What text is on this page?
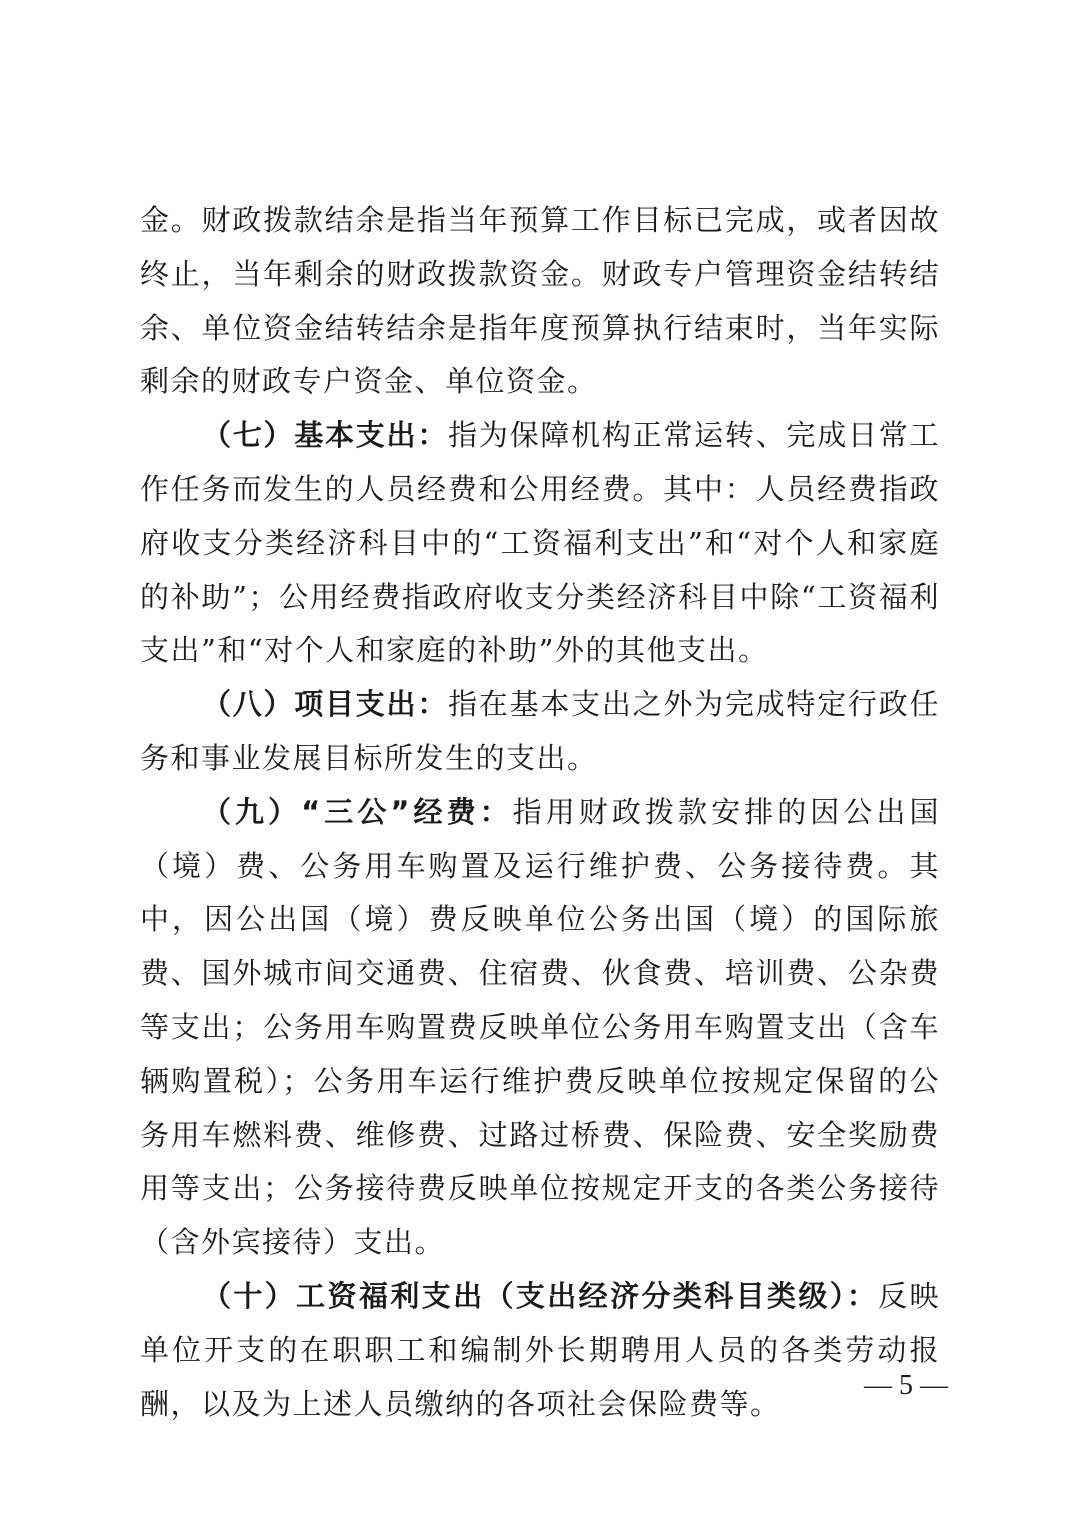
金。财政拨款结余是指当年预算工作目标已完成，或者因故终止，当年剩余的财政拨款资金。财政专户管理资金结转结余、单位资金结转结余是指年度预算执行结束时，当年实际剩余的财政专户资金、单位资金。

（七）基本支出：指为保障机构正常运转、完成日常工作任务而发生的人员经费和公用经费。其中：人员经费指政府收支分类经济科目中的“工资福利支出”和“对个人和家庭的补助”；公用经费指政府收支分类经济科目中除“工资福利支出”和“对个人和家庭的补助”外的其他支出。

（八）项目支出：指在基本支出之外为完成特定行政任务和事业发展目标所发生的支出。

（九）“三公”经费：指用财政拨款安排的因公出国（境）费、公务用车购置及运行维护费、公务接待费。其中，因公出国（境）费反映单位公务出国（境）的国际旅费、国外城市间交通费、住宿费、伙食费、培训费、公杂费等支出；公务用车购置费反映单位公务用车购置支出（含车辆购置税）；公务用车运行维护费反映单位按规定保留的公务用车燃料费、维修费、过路过桥费、保险费、安全奖励费用等支出；公务接待费反映单位按规定开支的各类公务接待（含外宾接待）支出。

（十）工资福利支出（支出经济分类科目类级）：反映单位开支的在职职工和编制外长期聘用人员的各类劳动报酬，以及为上述人员缴纳的各项社会保险费等。

— 5 —
